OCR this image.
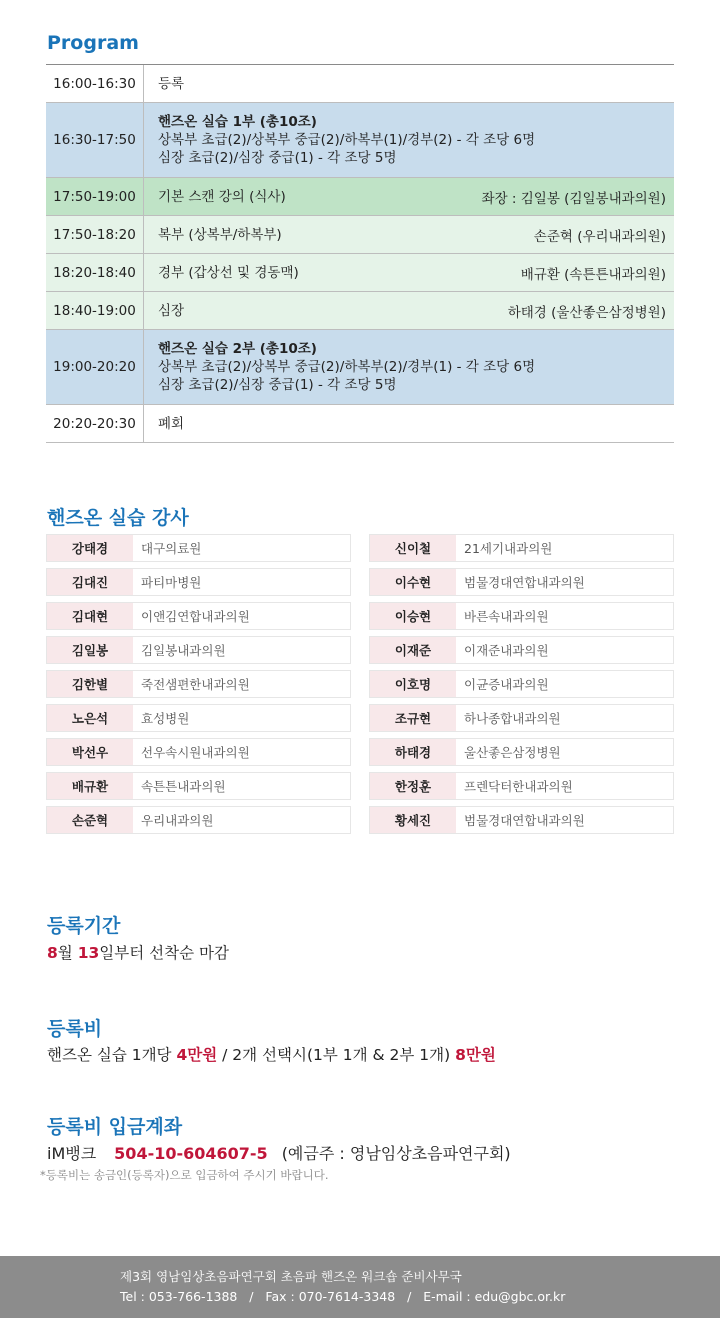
Program
16:00-16:30	등록
16:30-17:50
핸즈온 실습 1부 (총10조)
상복부 초급(2)/상복부 중급(2)/하복부(1)/경부(2) - 각 조당 6명
심장 초급(2)/심장 중급(1) - 각 조당 5명
17:50-19:00	기본 스캔 강의 (식사)	좌장 : 김일봉 (김일봉내과의원)
17:50-18:20	복부 (상복부/하복부)	손준혁 (우리내과의원)
18:20-18:40	경부 (갑상선 및 경동맥)	배규환 (속튼튼내과의원)
18:40-19:00	심장	하태경 (울산좋은삼정병원)
19:00-20:20
핸즈온 실습 2부 (총10조)
상복부 초급(2)/상복부 중급(2)/하복부(2)/경부(1) - 각 조당 6명
심장 초급(2)/심장 중급(1) - 각 조당 5명
20:20-20:30	폐회
핸즈온 실습 강사
강태경	대구의료원	신이철	21세기내과의원
김대진	파티마병원	이수현	범물경대연합내과의원
김대현	이앤김연합내과의원	이승현	바른속내과의원
김일봉	김일봉내과의원	이재준	이재준내과의원
김한별	죽전샘편한내과의원	이호명	이균증내과의원
노은석	효성병원	조규현	하나종합내과의원
박선우	선우속시원내과의원	하태경	울산좋은삼정병원
배규환	속튼튼내과의원	한정훈	프렌닥터한내과의원
손준혁	우리내과의원	황세진	범물경대연합내과의원
등록기간
8월 13일부터 선착순 마감
등록비
핸즈온 실습 1개당 4만원 / 2개 선택시(1부 1개 & 2부 1개) 8만원
등록비 입금계좌
iM뱅크 504-10-604607-5 (예금주 : 영남임상초음파연구회)
*등록비는 송금인(등록자)으로 입금하여 주시기 바랍니다.
제3회 영남임상초음파연구회 초음파 핸즈온 워크숍 준비사무국
Tel : 053-766-1388   /   Fax : 070-7614-3348   /   E-mail : edu@gbc.or.kr
